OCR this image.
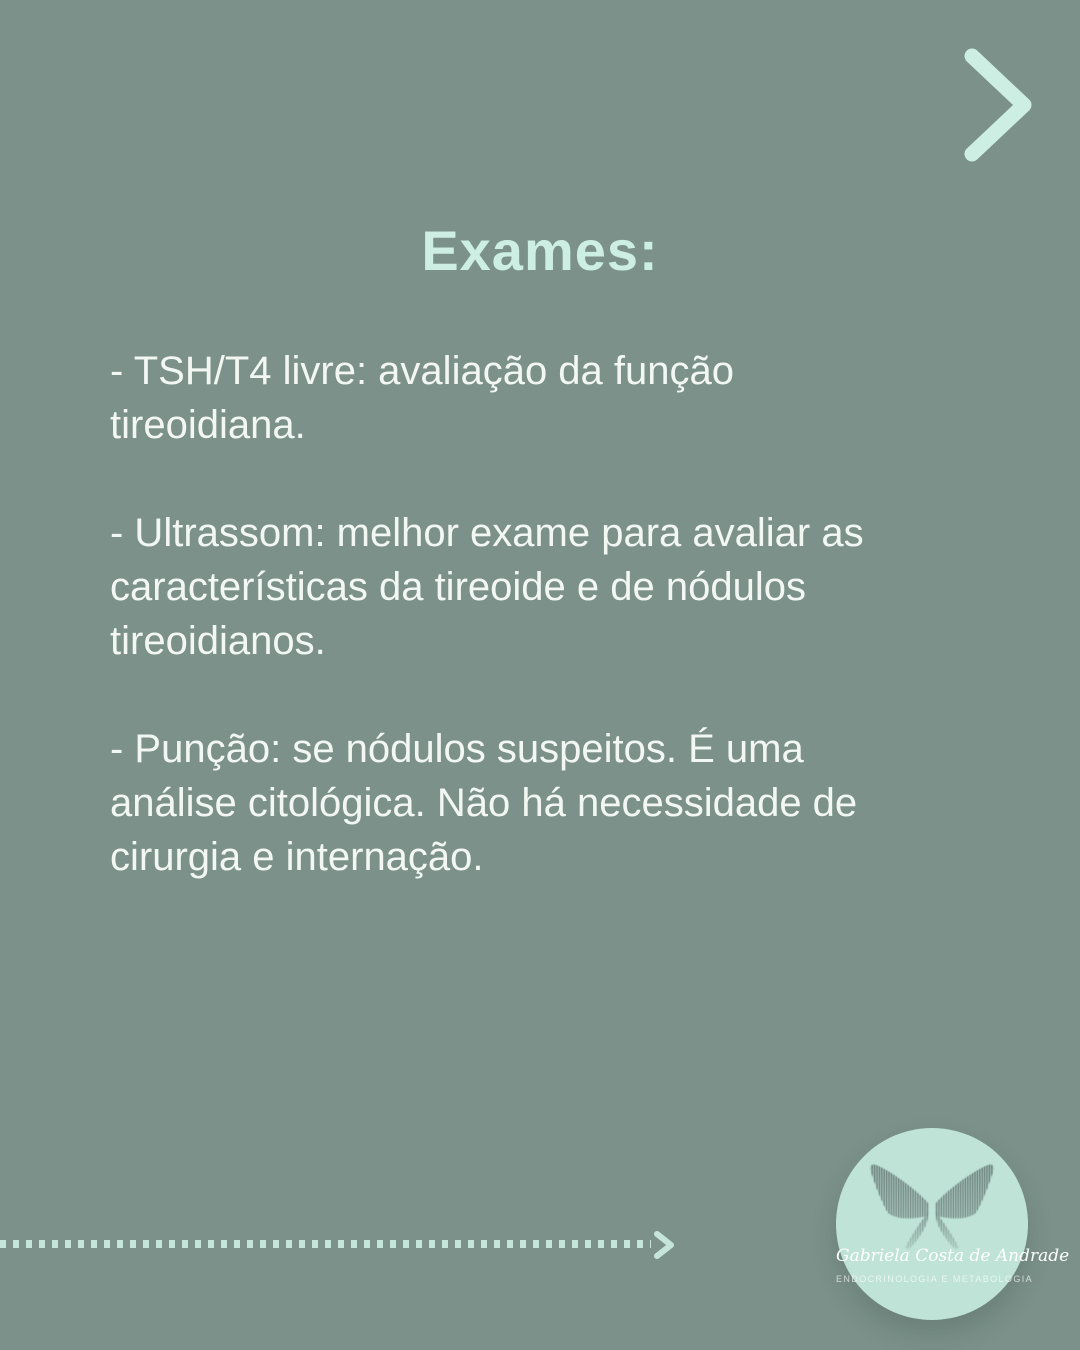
Exames:
- TSH/T4 livre: avaliação da função
tireoidiana.
- Ultrassom: melhor exame para avaliar as
características da tireoide e de nódulos
tireoidianos.
- Punção: se nódulos suspeitos. É uma
análise citológica. Não há necessidade de
cirurgia e internação.
Gabriela Costa de Andrade
ENDOCRINOLOGIA E METABOLOGIA
